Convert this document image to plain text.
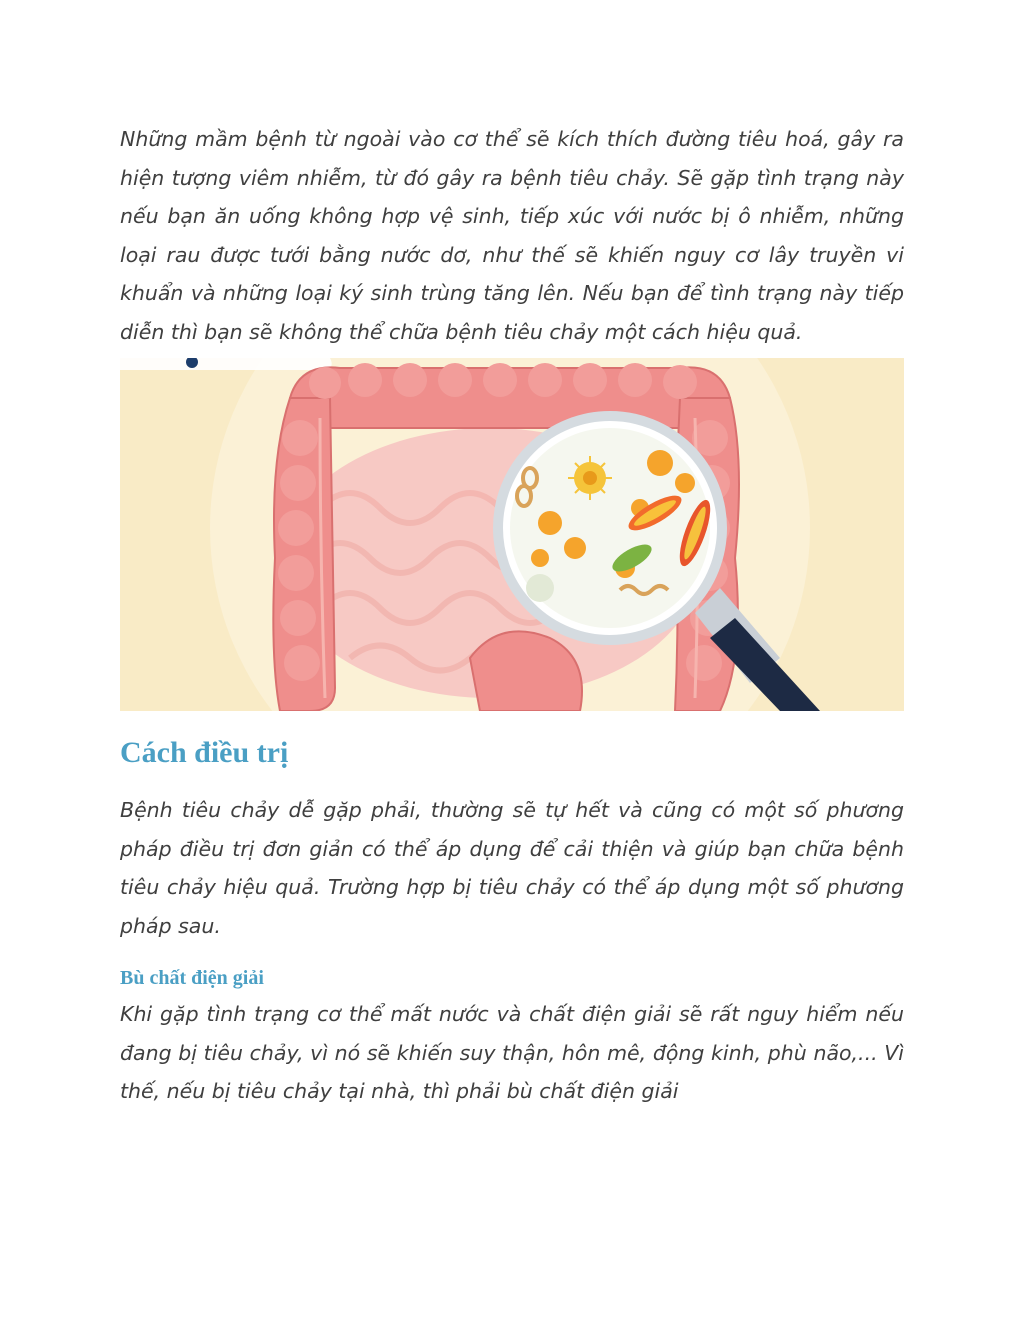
Những mầm bệnh từ ngoài vào cơ thể sẽ kích thích đường tiêu hoá, gây ra hiện tượng viêm nhiễm, từ đó gây ra bệnh tiêu chảy. Sẽ gặp tình trạng này nếu bạn ăn uống không hợp vệ sinh, tiếp xúc với nước bị ô nhiễm, những loại rau được tưới bằng nước dơ, như thế sẽ khiến nguy cơ lây truyền vi khuẩn và những loại ký sinh trùng tăng lên. Nếu bạn để tình trạng này tiếp diễn thì bạn sẽ không thể chữa bệnh tiêu chảy một cách hiệu quả.

Cách điều trị

Bệnh tiêu chảy dễ gặp phải, thường sẽ tự hết và cũng có một số phương pháp điều trị đơn giản có thể áp dụng để cải thiện và giúp bạn chữa bệnh tiêu chảy hiệu quả. Trường hợp bị tiêu chảy có thể áp dụng một số phương pháp sau.

Bù chất điện giải

Khi gặp tình trạng cơ thể mất nước và chất điện giải sẽ rất nguy hiểm nếu đang bị tiêu chảy, vì nó sẽ khiến suy thận, hôn mê, động kinh, phù não,... Vì thế, nếu bị tiêu chảy tại nhà, thì phải bù chất điện giải
